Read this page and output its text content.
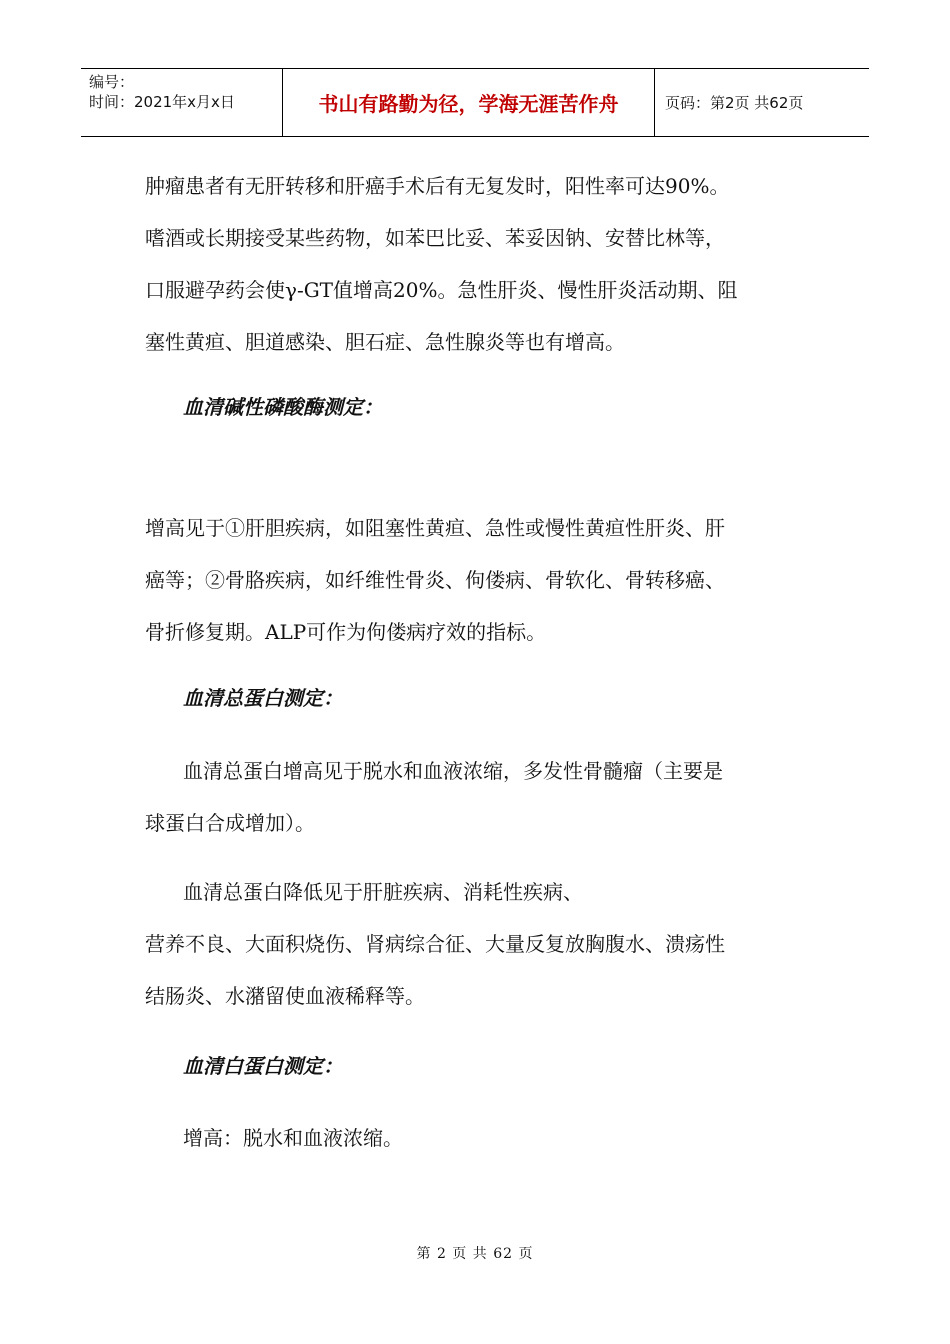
编号：
时间：2021年x月x日	书山有路勤为径，学海无涯苦作舟	页码：第2页 共62页
肿瘤患者有无肝转移和肝癌手术后有无复发时，阳性率可达90%。
嗜酒或长期接受某些药物，如苯巴比妥、苯妥因钠、安替比林等，
口服避孕药会使γ-GT值增高20%。急性肝炎、慢性肝炎活动期、阻
塞性黄疸、胆道感染、胆石症、急性腺炎等也有增高。
血清碱性磷酸酶测定：
增高见于①肝胆疾病，如阻塞性黄疸、急性或慢性黄疸性肝炎、肝
癌等；②骨胳疾病，如纤维性骨炎、佝偻病、骨软化、骨转移癌、
骨折修复期。ALP可作为佝偻病疗效的指标。
血清总蛋白测定：
血清总蛋白增高见于脱水和血液浓缩，多发性骨髓瘤（主要是
球蛋白合成增加）。
血清总蛋白降低见于肝脏疾病、消耗性疾病、
营养不良、大面积烧伤、肾病综合征、大量反复放胸腹水、溃疡性
结肠炎、水潴留使血液稀释等。
血清白蛋白测定：
增高：脱水和血液浓缩。
第 2 页 共 62 页
